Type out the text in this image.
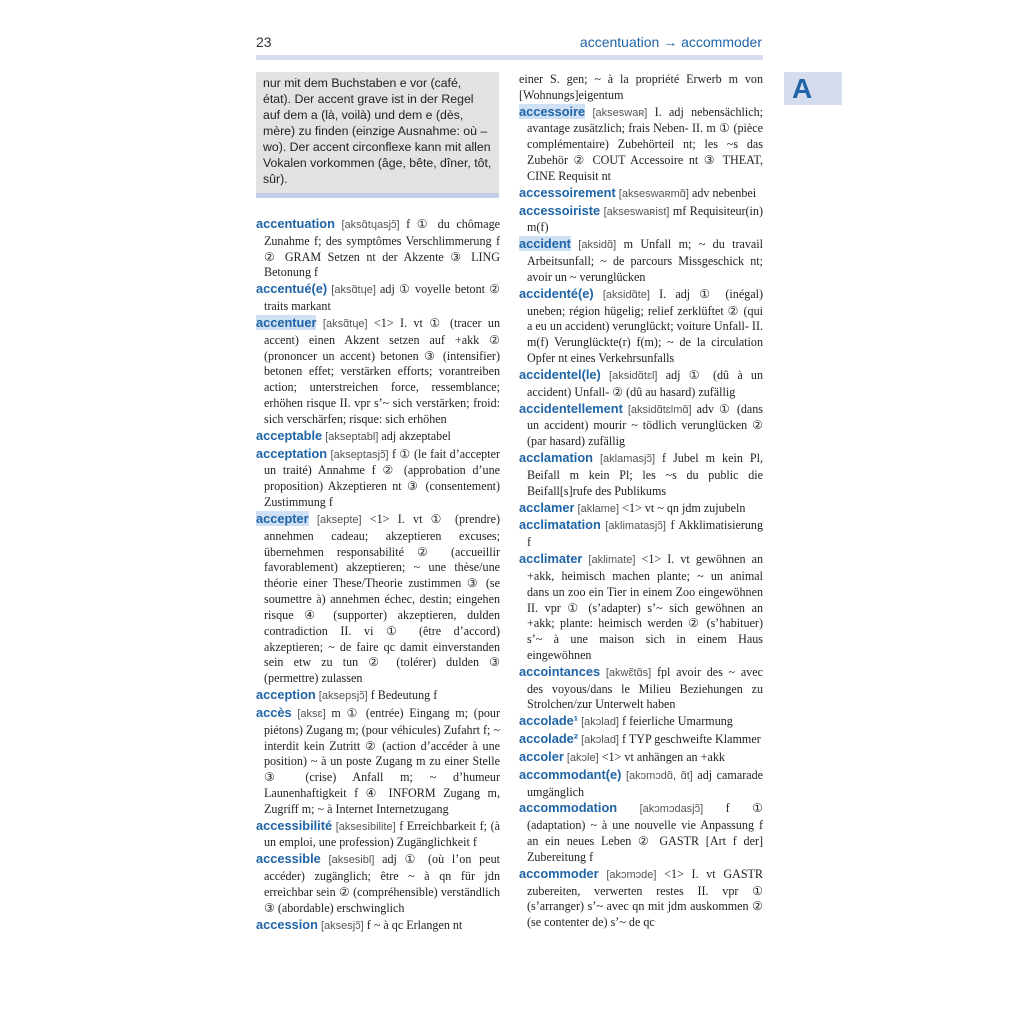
23	accentuation → accommoder
A

nur mit dem Buchstaben e vor (café, état). Der accent grave ist in der Regel auf dem a (là, voilà) und dem e (dès, mère) zu finden (einzige Ausnahme: où – wo). Der accent circonflexe kann mit allen Vokalen vorkommen (âge, bête, dîner, tôt, sûr).

accentuation [aksɑ̃tɥasjɔ̃] f ① du chômage Zunahme f; des symptômes Verschlimmerung f ② GRAM Setzen nt der Akzente ③ LING Betonung f

accentué(e) [aksɑ̃tɥe] adj ① voyelle betont ② traits markant

accentuer [aksɑ̃tɥe] <1> I. vt ① (tracer un accent) einen Akzent setzen auf +akk ② (prononcer un accent) betonen ③ (intensifier) betonen effet; verstärken efforts; vorantreiben action; unterstreichen force, ressemblance; erhöhen risque II. vpr s’~ sich verstärken; froid: sich verschärfen; risque: sich erhöhen

acceptable [akseptabl] adj akzeptabel

acceptation [akseptasjɔ̃] f ① (le fait d’accepter un traité) Annahme f ② (approbation d’une proposition) Akzeptieren nt ③ (consentement) Zustimmung f

accepter [aksepte] <1> I. vt ① (prendre) annehmen cadeau; akzeptieren excuses; übernehmen responsabilité ② (accueillir favorablement) akzeptieren; ~ une thèse/une théorie einer These/Theorie zustimmen ③ (se soumettre à) annehmen échec, destin; eingehen risque ④ (supporter) akzeptieren, dulden contradiction II. vi ① (être d’accord) akzeptieren; ~ de faire qc damit einverstanden sein etw zu tun ② (tolérer) dulden ③ (permettre) zulassen

acception [aksepsjɔ̃] f Bedeutung f

accès [aksɛ] m ① (entrée) Eingang m; (pour piétons) Zugang m; (pour véhicules) Zufahrt f; ~ interdit kein Zutritt ② (action d’accéder à une position) ~ à un poste Zugang m zu einer Stelle ③ (crise) Anfall m; ~ d’humeur Launenhaftigkeit f ④ INFORM Zugang m, Zugriff m; ~ à Internet Internetzugang

accessibilité [aksesibilite] f Erreichbarkeit f; (à un emploi, une profession) Zugänglichkeit f

accessible [aksesibl] adj ① (où l’on peut accéder) zugänglich; être ~ à qn für jdn erreichbar sein ② (compréhensible) verständlich ③ (abordable) erschwinglich

accession [aksesjɔ̃] f ~ à qc Erlangen nt

einer S. gen; ~ à la propriété Erwerb m von [Wohnungs]eigentum

accessoire [akseswaʀ] I. adj nebensächlich; avantage zusätzlich; frais Neben- II. m ① (pièce complémentaire) Zubehörteil nt; les ~s das Zubehör ② COUT Accessoire nt ③ THEAT, CINE Requisit nt

accessoirement [akseswaʀmɑ̃] adv nebenbei

accessoiriste [akseswaʀist] mf Requisiteur(in) m(f)

accident [aksidɑ̃] m Unfall m; ~ du travail Arbeitsunfall; ~ de parcours Missgeschick nt; avoir un ~ verunglücken

accidenté(e) [aksidɑ̃te] I. adj ① (inégal) uneben; région hügelig; relief zerklüftet ② (qui a eu un accident) verunglückt; voiture Unfall- II. m(f) Verunglückte(r) f(m); ~ de la circulation Opfer nt eines Verkehrsunfalls

accidentel(le) [aksidɑ̃tɛl] adj ① (dû à un accident) Unfall- ② (dû au hasard) zufällig

accidentellement [aksidɑ̃tɛlmɑ̃] adv ① (dans un accident) mourir ~ tödlich verunglücken ② (par hasard) zufällig

acclamation [aklamasjɔ̃] f Jubel m kein Pl, Beifall m kein Pl; les ~s du public die Beifall[s]rufe des Publikums

acclamer [aklame] <1> vt ~ qn jdm zujubeln

acclimatation [aklimatasjɔ̃] f Akklimatisierung f

acclimater [aklimate] <1> I. vt gewöhnen an +akk, heimisch machen plante; ~ un animal dans un zoo ein Tier in einem Zoo eingewöhnen II. vpr ① (s’adapter) s’~ sich gewöhnen an +akk; plante: heimisch werden ② (s’habituer) s’~ à une maison sich in einem Haus eingewöhnen

accointances [akwɛ̃tɑ̃s] fpl avoir des ~ avec des voyous/dans le Milieu Beziehungen zu Strolchen/zur Unterwelt haben

accolade¹ [akɔlad] f feierliche Umarmung

accolade² [akɔlad] f TYP geschweifte Klammer

accoler [akɔle] <1> vt anhängen an +akk

accommodant(e) [akɔmɔdɑ̃, ɑ̃t] adj camarade umgänglich

accommodation [akɔmɔdasjɔ̃] f ① (adaptation) ~ à une nouvelle vie Anpassung f an ein neues Leben ② GASTR [Art f der] Zubereitung f

accommoder [akɔmɔde] <1> I. vt GASTR zubereiten, verwerten restes II. vpr ① (s’arranger) s’~ avec qn mit jdm auskommen ② (se contenter de) s’~ de qc
